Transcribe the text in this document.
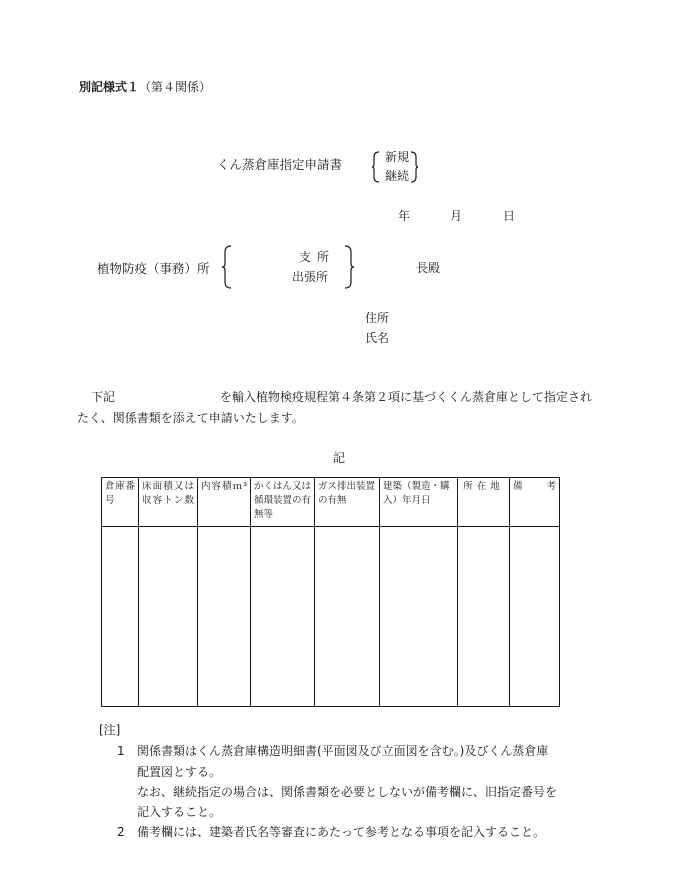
別記様式１（第４関係）
くん蒸倉庫指定申請書	新規
継続
年	月	日
植物防疫（事務）所
支所
出張所
長殿
住所
氏名
下記	を輸入植物検疫規程第４条第２項に基づくくん蒸倉庫として指定され
たく、関係書類を添えて申請いたします。
記
倉庫番号	床面積又は収容トン数	内容積ｍ³	かくはん又は循環装置の有無等	ガス排出装置の有無	建築（製造・購入）年月日	所在地	備考

[注]
1 関係書類はくん蒸倉庫構造明細書(平面図及び立面図を含む。)及びくん蒸倉庫
配置図とする。
なお、継続指定の場合は、関係書類を必要としないが備考欄に、旧指定番号を
記入すること。
2 備考欄には、建築者氏名等審査にあたって参考となる事項を記入すること。
